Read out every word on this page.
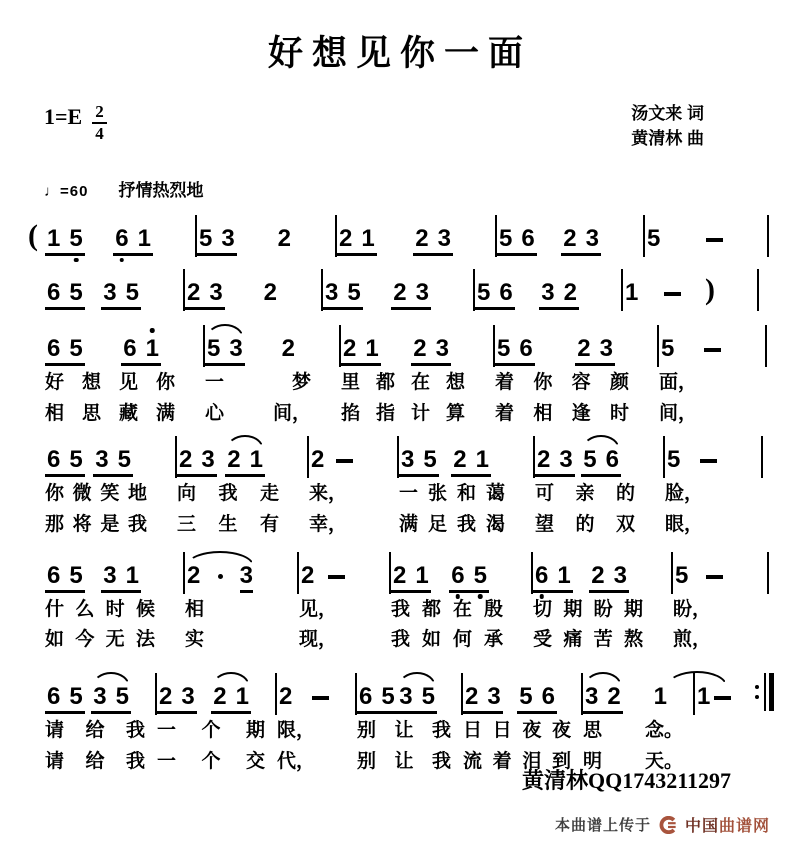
好想见你一面
$1=E \frac{2}{4}$	汤文来 词
黄清林 曲
♩=60 抒情热烈地
( 1 5 6 1 5 3 2 2 1 2 3 5 6 2 3 5
6 5 3 5 2 3 2 3 5 2 3 5 6 3 2 1 )
6 5 6 1 5 3 2 2 1 2 3 5 6 2 3 5
好 想 见 你 一	梦 里 都 在 想 着 你 容 颜 面，
相 思 藏 满 心	间， 掐 指 计 算 着 相 逢 时 间，
6 5 3 5 2 3 2 1 2	3 5 2 1 2 3 5 6 5
你 微 笑 地 向 我 走 来，	一 张 和 蔼 可 亲 的 脸，
那 将 是 我 三 生 有 幸，	满 足 我 渴 望 的 双 眼，
6 5 3 1 2 3 2	2 1 6 5 6 1 2 3 5
什 么 时 候 相	见，	我 都 在 殷 切 期 盼 期 盼，
如 今 无 法 实	现，	我 如 何 承 受 痛 苦 熬 煎，
6 5 3 5 2 3 2 1 2	6 5 3 5 2 3 5 6 3 2 1 1
请 给 我 一 个 期 限， 别 让 我 日 日 夜 夜 思 念。
请 给 我 一 个 交 代， 别 让 我 流 着 泪 到 明 天。
黄清林QQ1743211297
本曲谱上传于 中国曲谱网
